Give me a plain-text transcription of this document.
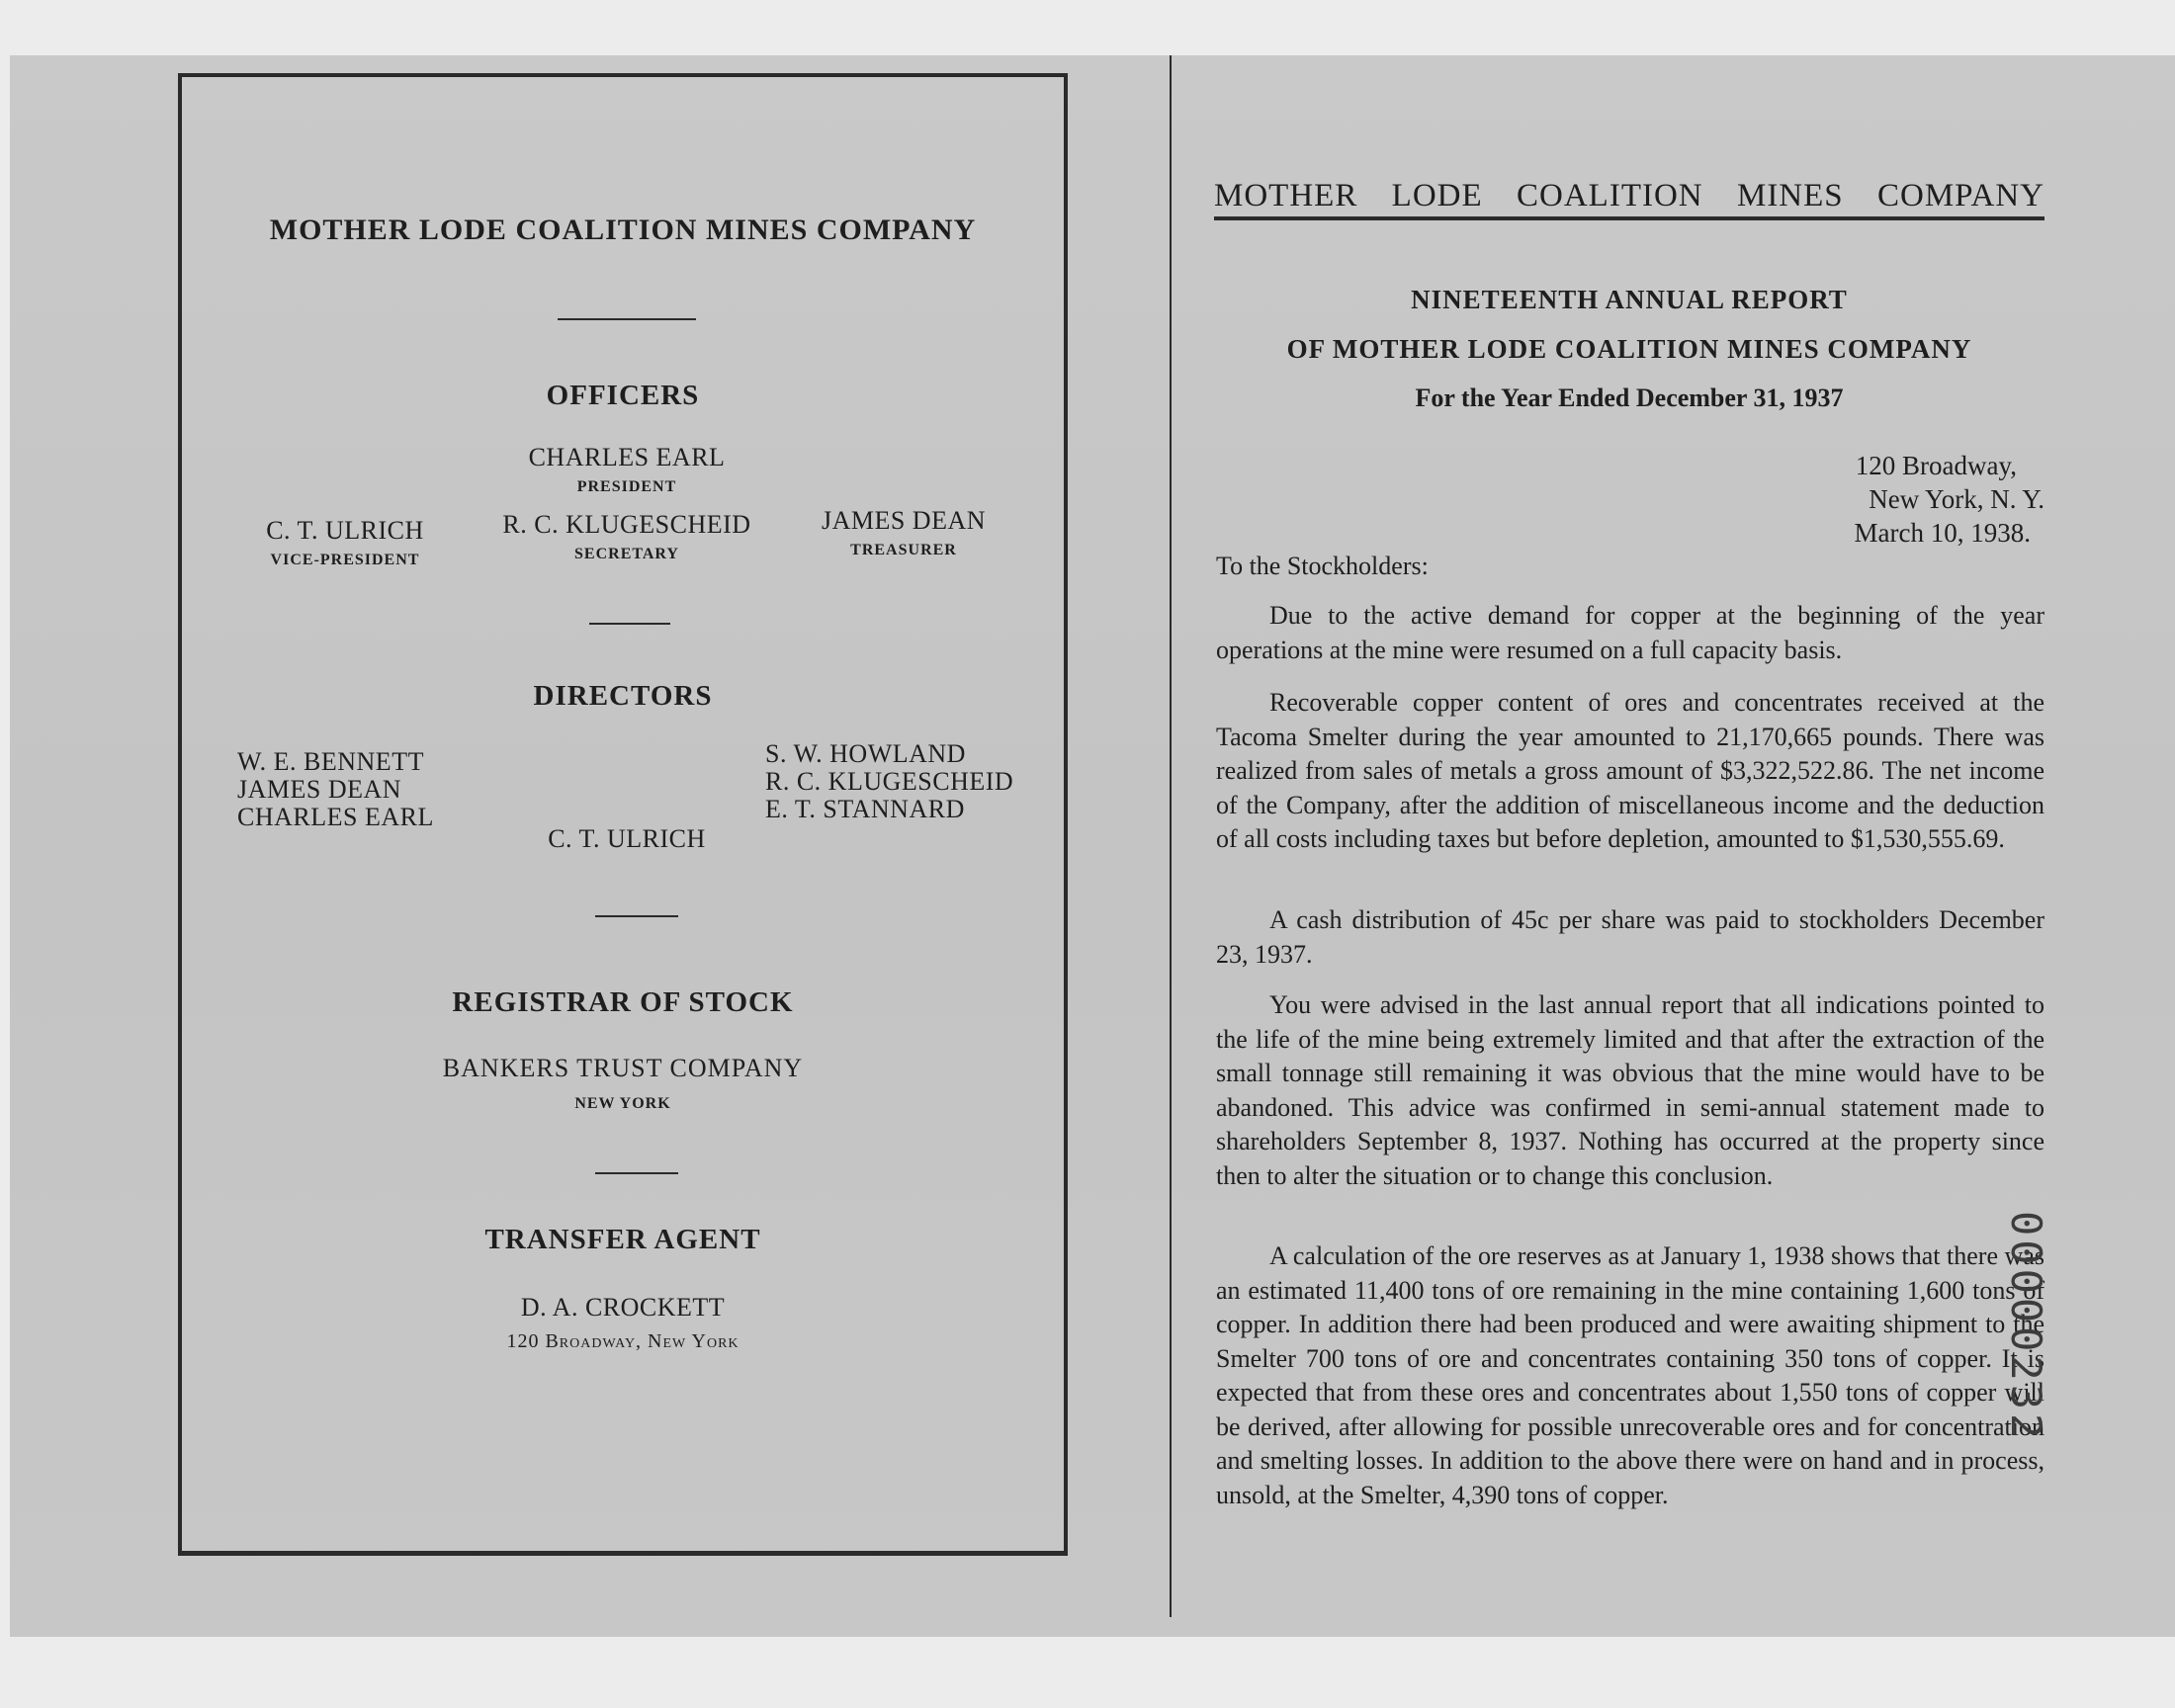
MOTHER LODE COALITION MINES COMPANY
OFFICERS
CHARLES EARL
PRESIDENT
C. T. ULRICH
VICE-PRESIDENT
R. C. KLUGESCHEID
SECRETARY
JAMES DEAN
TREASURER
DIRECTORS
W. E. BENNETT
JAMES DEAN
CHARLES EARL
C. T. ULRICH
S. W. HOWLAND
R. C. KLUGESCHEID
E. T. STANNARD
REGISTRAR OF STOCK
BANKERS TRUST COMPANY
NEW YORK
TRANSFER AGENT
D. A. CROCKETT
120 Broadway, New York
MOTHER LODE COALITION MINES COMPANY
NINETEENTH ANNUAL REPORT
OF MOTHER LODE COALITION MINES COMPANY
For the Year Ended December 31, 1937
120 Broadway,
New York, N. Y.
March 10, 1938.
To the Stockholders:
Due to the active demand for copper at the beginning of the year operations at the mine were resumed on a full capacity basis.
Recoverable copper content of ores and concentrates received at the Tacoma Smelter during the year amounted to 21,170,665 pounds. There was realized from sales of metals a gross amount of $3,322,522.86. The net income of the Company, after the addition of miscellaneous income and the deduction of all costs including taxes but before depletion, amounted to $1,530,555.69.
A cash distribution of 45c per share was paid to stockholders December 23, 1937.
You were advised in the last annual report that all indications pointed to the life of the mine being extremely limited and that after the extraction of the small tonnage still remaining it was obvious that the mine would have to be abandoned. This advice was confirmed in semi-annual statement made to shareholders September 8, 1937. Nothing has occurred at the property since then to alter the situation or to change this conclusion.
A calculation of the ore reserves as at January 1, 1938 shows that there was an estimated 11,400 tons of ore remaining in the mine containing 1,600 tons of copper. In addition there had been produced and were awaiting shipment to the Smelter 700 tons of ore and concentrates containing 350 tons of copper. It is expected that from these ores and concentrates about 1,550 tons of copper will be derived, after allowing for possible unrecoverable ores and for concentration and smelting losses. In addition to the above there were on hand and in process, unsold, at the Smelter, 4,390 tons of copper.
00000232
